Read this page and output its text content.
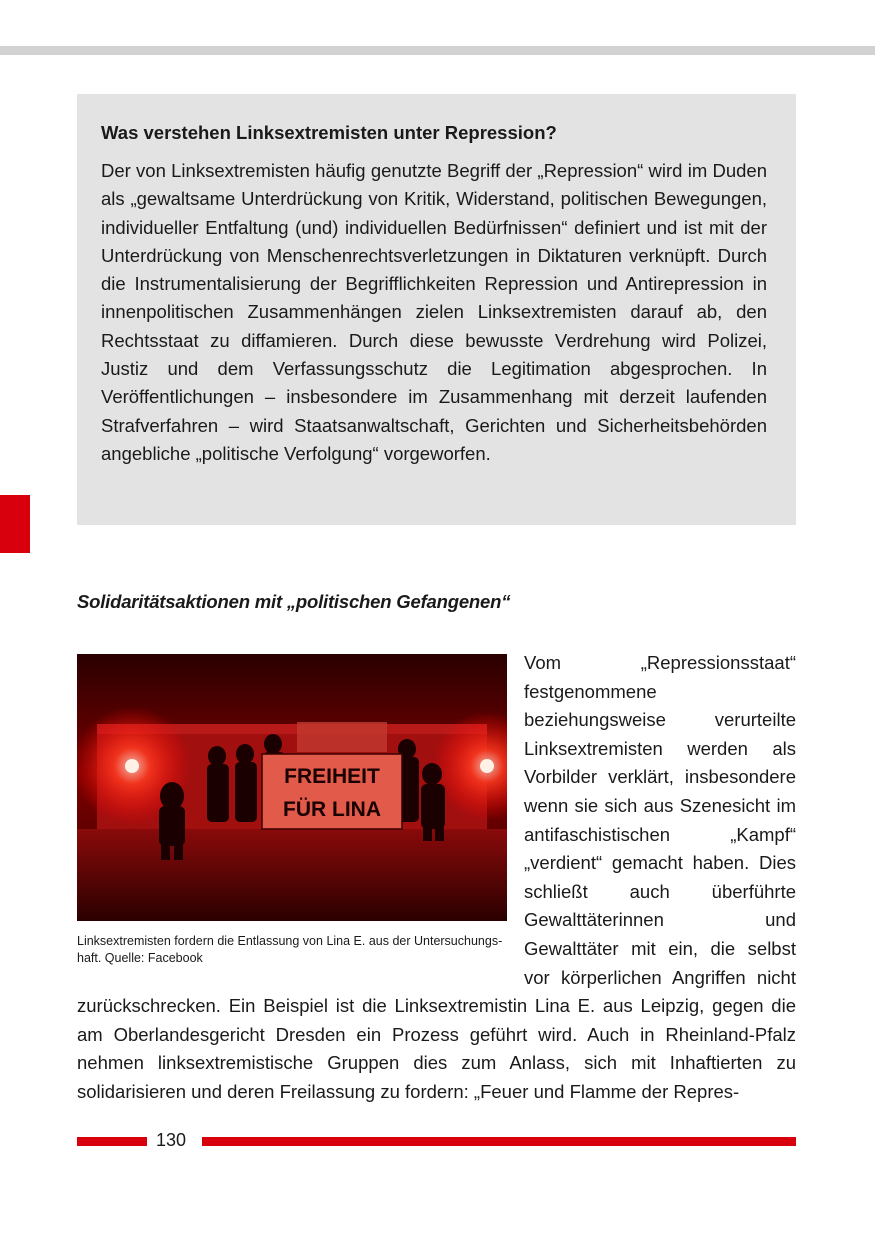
Was verstehen Linksextremisten unter Repression?

Der von Linksextremisten häufig genutzte Begriff der „Repression“ wird im Duden als „gewaltsame Unterdrückung von Kritik, Widerstand, politischen Bewegungen, individueller Entfaltung (und) individuellen Bedürfnissen“ definiert und ist mit der Unterdrückung von Menschenrechtsverletzungen in Diktaturen verknüpft. Durch die Instrumentalisierung der Begrifflichkeiten Repression und Antirepression in innenpolitischen Zusammenhängen zielen Linksextremisten darauf ab, den Rechtsstaat zu diffamieren. Durch diese bewusste Verdrehung wird Polizei, Justiz und dem Verfassungsschutz die Legitimation abgesprochen. In Veröffentlichungen – insbesondere im Zusammenhang mit derzeit laufenden Strafverfahren – wird Staatsanwaltschaft, Gerichten und Sicherheitsbehörden angebliche „politische Verfolgung“ vorgeworfen.

Solidaritätsaktionen mit „politischen Gefangenen“

FREIHEIT
FÜR LINA
Linksextremisten fordern die Entlassung von Lina E. aus der Untersuchungshaft. Quelle: Facebook
Vom „Repressionsstaat“ festgenommene beziehungsweise verurteilte Linksextremisten werden als Vorbilder verklärt, insbesondere wenn sie sich aus Szenesicht im antifaschistischen „Kampf“ „verdient“ gemacht haben. Dies schließt auch überführte Gewalttäterinnen und Gewalttäter mit ein, die selbst vor körperlichen Angriffen nicht zurückschrecken. Ein Beispiel ist die Linksextremistin Lina E. aus Leipzig, gegen die am Oberlandesgericht Dresden ein Prozess geführt wird. Auch in Rheinland-Pfalz nehmen linksextremistische Gruppen dies zum Anlass, sich mit Inhaftierten zu solidarisieren und deren Freilassung zu fordern: „Feuer und Flamme der Repres-
130
